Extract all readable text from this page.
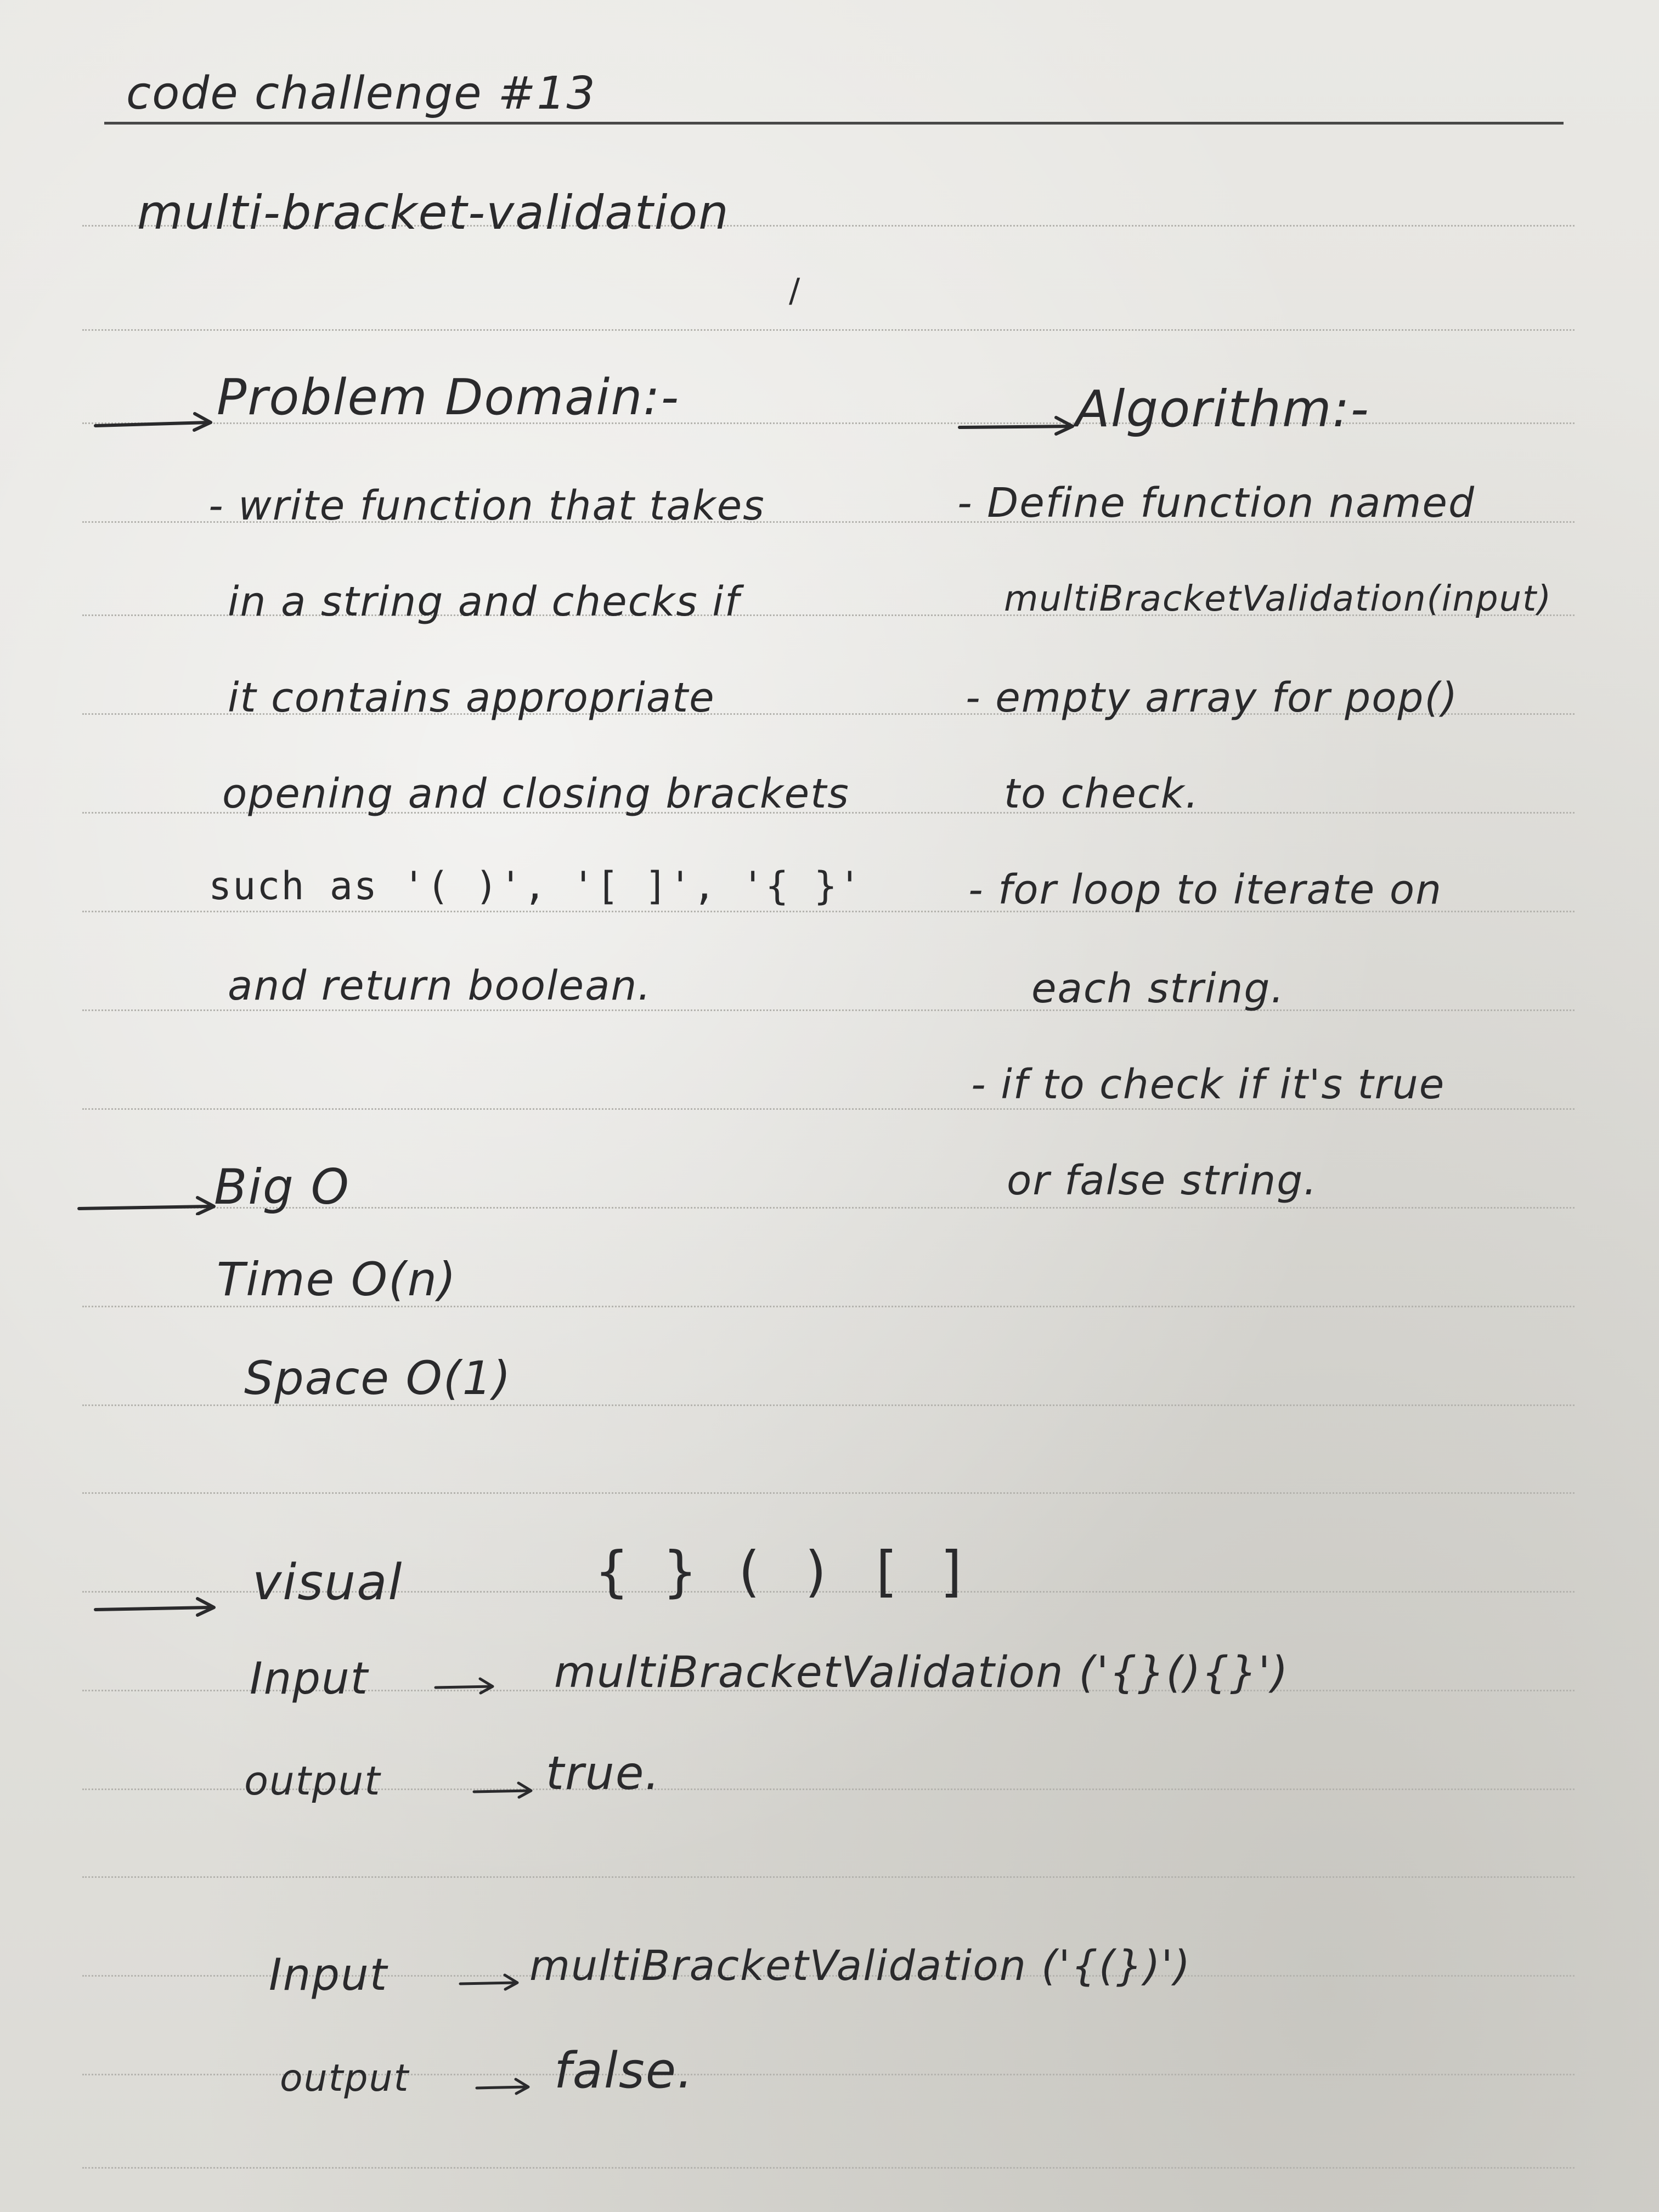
code challenge #13
multi-bracket-validation
/
Problem Domain:-
- write function that takes
in a string and checks if
it contains appropriate
opening and closing brackets
such as '( )', '[ ]', '{ }'
and return boolean.
Algorithm:-
- Define function named
multiBracketValidation(input)
- empty array for pop()
to check.
- for loop to iterate on
each string.
- if to check if it's true
or false string.
Big O
Time O(n)
Space O(1)
visual	{ } ( ) [ ]
Input	multiBracketValidation ('{}(){}')
output	true.
Input	multiBracketValidation ('{(})')
output	false.
